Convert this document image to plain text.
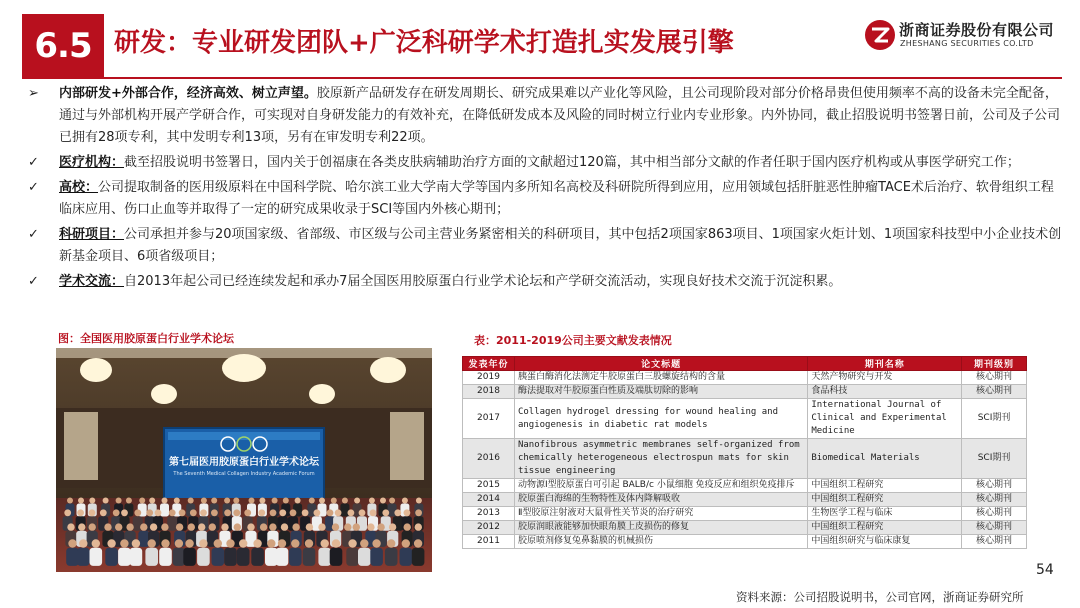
6.5 研发：专业研发团队+广泛科研学术打造扎实发展引擎	浙商证券股份有限公司
ZHESHANG SECURITIES CO.LTD
➢ 内部研发+外部合作，经济高效、树立声望。胶原新产品研发存在研发周期长、研究成果难以产业化等风险，且公司现阶段对部分价格昂贵但使用频率不高的设备未完全配备，通过与外部机构开展产学研合作，可实现对自身研发能力的有效补充，在降低研发成本及风险的同时树立行业内专业形象。内外协同，截止招股说明书签署日前，公司及子公司已拥有28项专利，其中发明专利13项，另有在审发明专利22项。
✓ 医疗机构：截至招股说明书签署日，国内关于创福康在各类皮肤病辅助治疗方面的文献超过120篇，其中相当部分文献的作者任职于国内医疗机构或从事医学研究工作；
✓ 高校：公司提取制备的医用级原料在中国科学院、哈尔滨工业大学南大学等国内多所知名高校及科研院所得到应用，应用领域包括肝脏恶性肿瘤TACE术后治疗、软骨组织工程临床应用、伤口止血等并取得了一定的研究成果收录于SCI等国内外核心期刊；
✓ 科研项目：公司承担并参与20项国家级、省部级、市区级与公司主营业务紧密相关的科研项目，其中包括2项国家863项目、1项国家火炬计划、1项国家科技型中小企业技术创新基金项目、6项省级项目；
✓ 学术交流：自2013年起公司已经连续发起和承办7届全国医用胶原蛋白行业学术论坛和产学研交流活动，实现良好技术交流于沉淀积累。
图：全国医用胶原蛋白行业学术论坛	表：2011-2019公司主要文献发表情况
第七届医用胶原蛋白行业学术论坛
The Seventh Medical Collagen Industry Academic Forum
发表年份	论文标题	期刊名称	期刊级别
2019	胰蛋白酶消化法测定牛胶原蛋白三股螺旋结构的含量	天然产物研究与开发	核心期刊
2018	酶法提取对牛胶原蛋白性质及端肽切除的影响	食品科技	核心期刊
2017	Collagen hydrogel dressing for wound healing and angiogenesis in diabetic rat models	International Journal of Clinical and Experimental Medicine	SCI期刊
2016	Nanofibrous asymmetric membranes self-organized from chemically heterogeneous electrospun mats for skin tissue engineering	Biomedical Materials	SCI期刊
2015	动物源Ⅰ型胶原蛋白可引起 BALB/c 小鼠细胞 免疫反应和组织免疫排斥	中国组织工程研究	核心期刊
2014	胶原蛋白海绵的生物特性及体内降解吸收	中国组织工程研究	核心期刊
2013	Ⅱ型胶原注射液对大鼠骨性关节炎的治疗研究	生物医学工程与临床	核心期刊
2012	胶原润眼液能够加快眼角膜上皮损伤的修复	中国组织工程研究	核心期刊
2011	胶原喷剂修复兔鼻黏膜的机械损伤	中国组织研究与临床康复	核心期刊
54
资料来源：公司招股说明书，公司官网，浙商证券研究所
